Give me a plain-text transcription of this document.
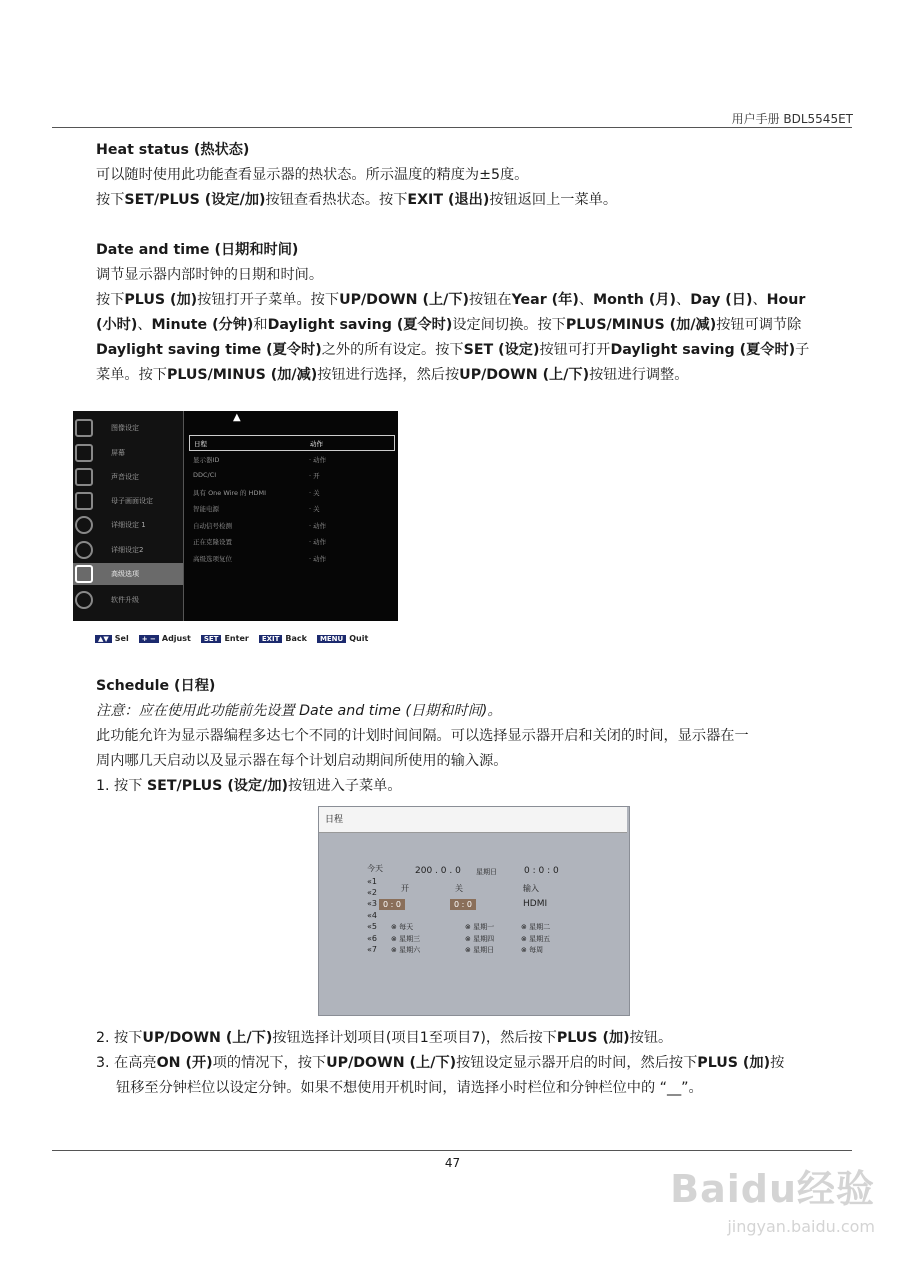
用户手册 BDL5545ET
Heat status (热状态)
可以随时使用此功能查看显示器的热状态。所示温度的精度为±5度。
按下SET/PLUS (设定/加)按钮查看热状态。按下EXIT (退出)按钮返回上一菜单。
Date and time (日期和时间)
调节显示器内部时钟的日期和时间。
按下PLUS (加)按钮打开子菜单。按下UP/DOWN (上/下)按钮在Year (年)、Month (月)、Day (日)、Hour
(小时)、Minute (分钟)和Daylight saving (夏令时)设定间切换。按下PLUS/MINUS (加/减)按钮可调节除
Daylight saving time (夏令时)之外的所有设定。按下SET (设定)按钮可打开Daylight saving (夏令时)子
菜单。按下PLUS/MINUS (加/减)按钮进行选择，然后按UP/DOWN (上/下)按钮进行调整。
图像设定
屏幕
声音设定
母子画面设定
详细设定 1
详细设定2
高级选项
软件升级
▲
日程	动作
显示器ID	· 动作
DDC/CI	· 开
具有 One Wire 的 HDMI	· 关
智能电源	· 关
自动信号检测	· 动作
正在克隆设置	· 动作
高级选项复位	· 动作
▲▼ Sel	+ − Adjust	SET Enter	EXIT Back	MENU Quit
Schedule (日程)
注意：应在使用此功能前先设置 Date and time (日期和时间)。
此功能允许为显示器编程多达七个不同的计划时间间隔。可以选择显示器开启和关闭的时间，显示器在一
周内哪几天启动以及显示器在每个计划启动期间所使用的输入源。
1. 按下 SET/PLUS (设定/加)按钮进入子菜单。
日程
今天	200 . 0 . 0 星期日	0 : 0 : 0
«1
«2
«3
«4
«5
«6
«7
开	关	输入
0 : 0	0 : 0	HDMI
⊗ 每天	⊗ 星期一	⊗ 星期二
⊗ 星期三	⊗ 星期四	⊗ 星期五
⊗ 星期六	⊗ 星期日	⊗ 每周
2. 按下UP/DOWN (上/下)按钮选择计划项目(项目1至项目7)，然后按下PLUS (加)按钮。
3. 在高亮ON (开)项的情况下，按下UP/DOWN (上/下)按钮设定显示器开启的时间，然后按下PLUS (加)按
钮移至分钟栏位以设定分钟。如果不想使用开机时间，请选择小时栏位和分钟栏位中的 “__”。
47
Baidu经验
jingyan.baidu.com
